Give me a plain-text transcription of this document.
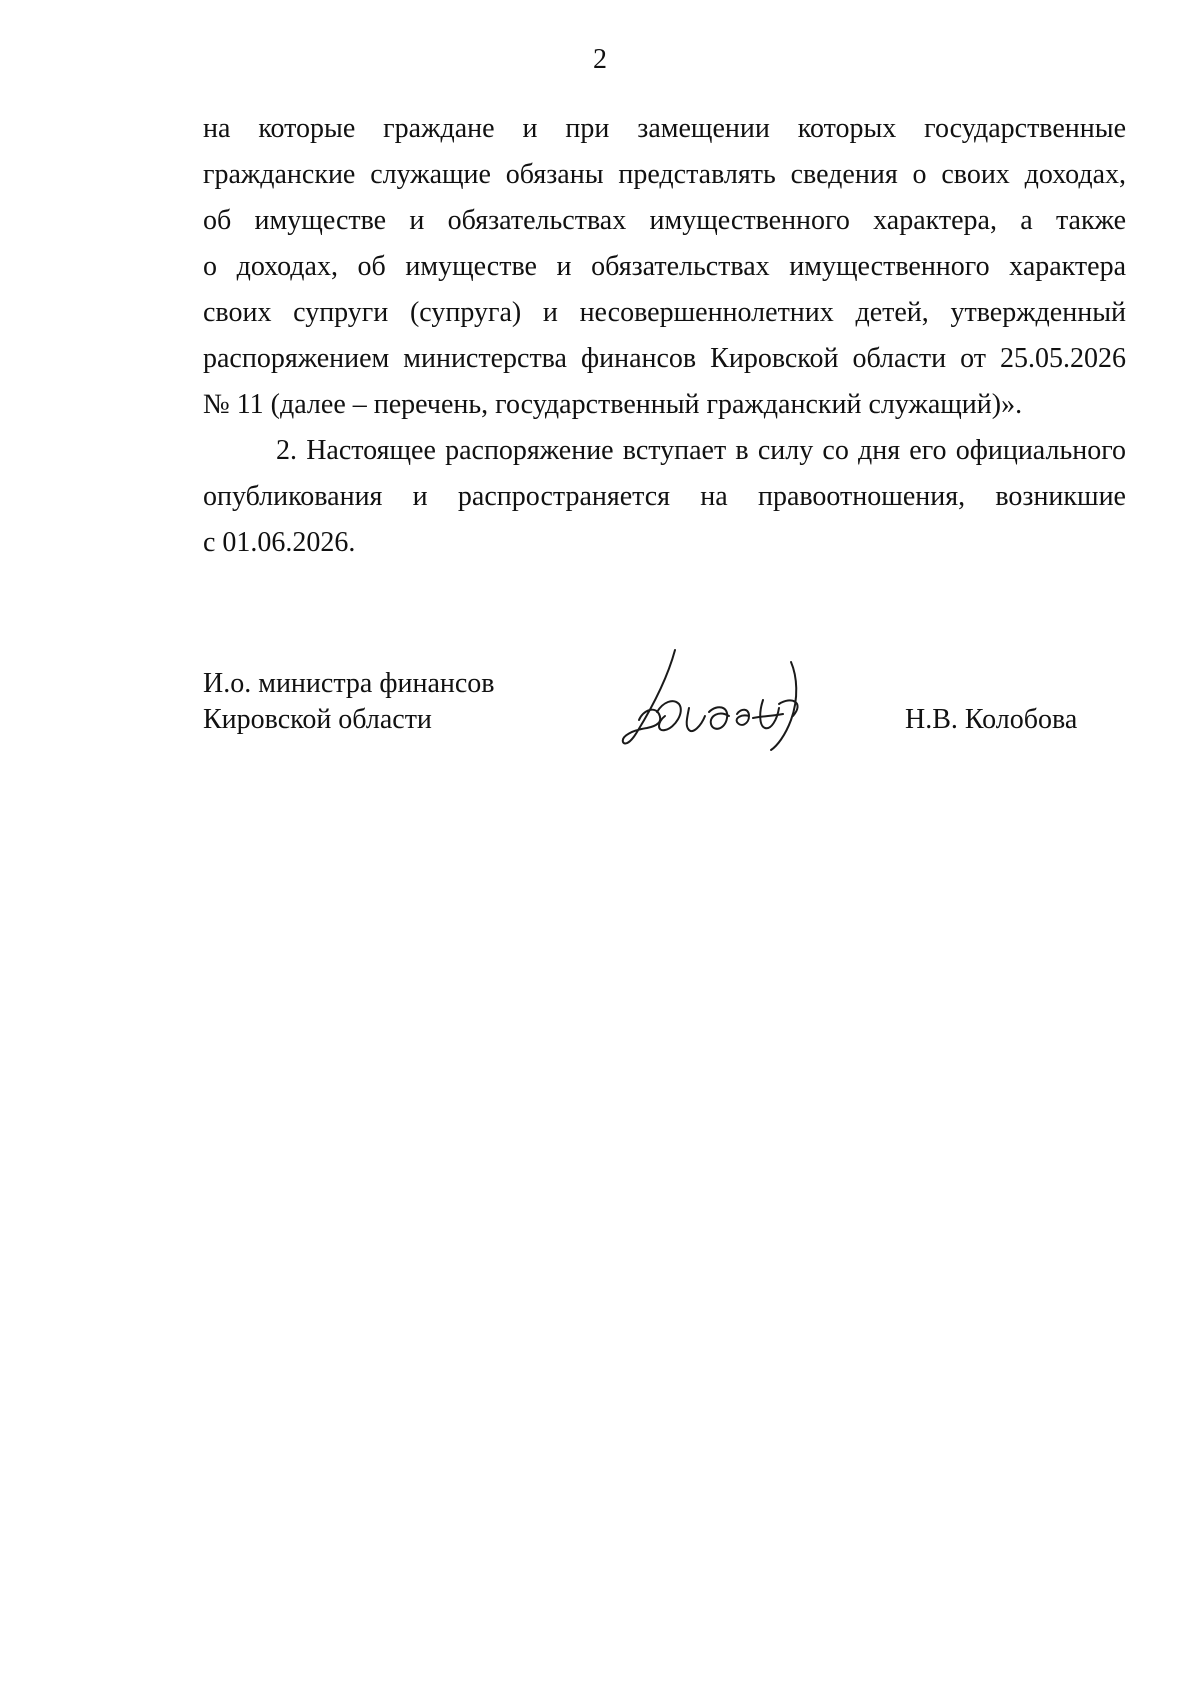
2
на которые граждане и при замещении которых государственные
гражданские служащие обязаны представлять сведения о своих доходах,
об имуществе и обязательствах имущественного характера, а также
о доходах, об имуществе и обязательствах имущественного характера
своих супруги (супруга) и несовершеннолетних детей, утвержденный
распоряжением министерства финансов Кировской области от 25.05.2026
№ 11 (далее – перечень, государственный гражданский служащий)».
2. Настоящее распоряжение вступает в силу со дня его официального
опубликования и распространяется на правоотношения, возникшие
с 01.06.2026.
И.о. министра финансов
Кировской области	Н.В. Колобова
